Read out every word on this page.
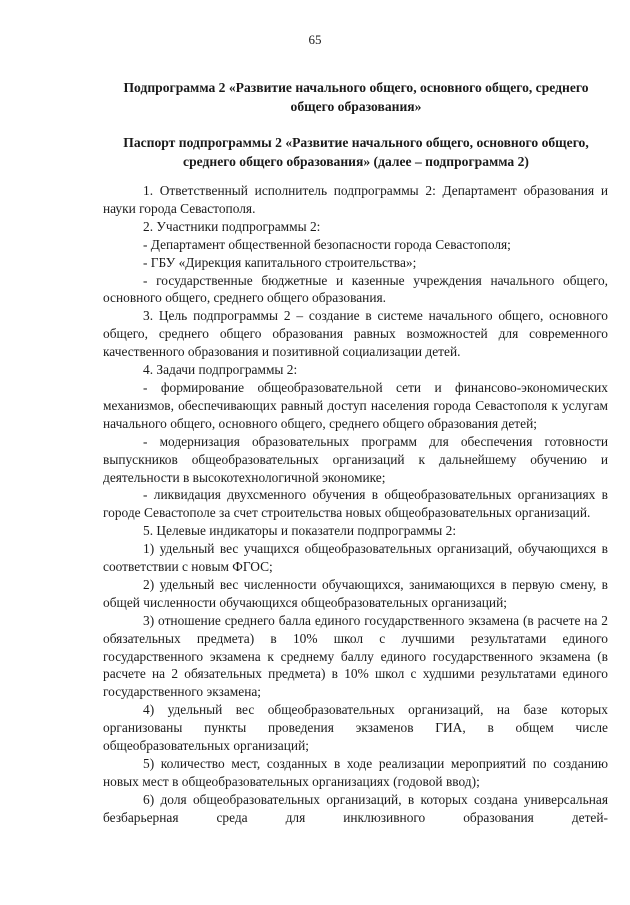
65
Подпрограмма 2 «Развитие начального общего, основного общего, среднего общего образования»
Паспорт подпрограммы 2 «Развитие начального общего, основного общего, среднего общего образования» (далее – подпрограмма 2)

1. Ответственный исполнитель подпрограммы 2: Департамент образования и науки города Севастополя.

2. Участники подпрограммы 2:

- Департамент общественной безопасности города Севастополя;

- ГБУ «Дирекция капитального строительства»;

- государственные бюджетные и казенные учреждения начального общего, основного общего, среднего общего образования.

3. Цель подпрограммы 2 – создание в системе начального общего, основного общего, среднего общего образования равных возможностей для современного качественного образования и позитивной социализации детей.

4. Задачи подпрограммы 2:

- формирование общеобразовательной сети и финансово-экономических механизмов, обеспечивающих равный доступ населения города Севастополя к услугам начального общего, основного общего, среднего общего образования детей;

- модернизация образовательных программ для обеспечения готовности выпускников общеобразовательных организаций к дальнейшему обучению и деятельности в высокотехнологичной экономике;

- ликвидация двухсменного обучения в общеобразовательных организациях в городе Севастополе за счет строительства новых общеобразовательных организаций.

5. Целевые индикаторы и показатели подпрограммы 2:

1) удельный вес учащихся общеобразовательных организаций, обучающихся в соответствии с новым ФГОС;

2) удельный вес численности обучающихся, занимающихся в первую смену, в общей численности обучающихся общеобразовательных организаций;

3) отношение среднего балла единого государственного экзамена (в расчете на 2 обязательных предмета) в 10% школ с лучшими результатами единого государственного экзамена к среднему баллу единого государственного экзамена (в расчете на 2 обязательных предмета) в 10% школ с худшими результатами единого государственного экзамена;

4) удельный вес общеобразовательных организаций, на базе которых организованы пункты проведения экзаменов ГИА, в общем числе общеобразовательных организаций;

5) количество мест, созданных в ходе реализации мероприятий по созданию новых мест в общеобразовательных организациях (годовой ввод);

6) доля общеобразовательных организаций, в которых создана универсальная безбарьерная среда для инклюзивного образования детей-
